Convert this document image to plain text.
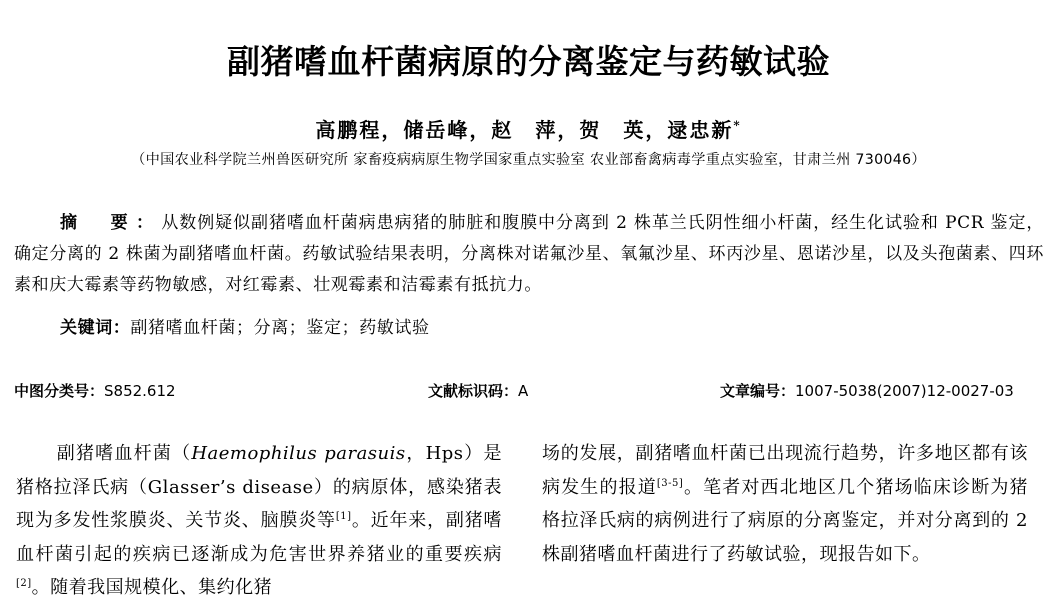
副猪嗜血杆菌病原的分离鉴定与药敏试验
高鹏程，储岳峰，赵　萍，贺　英，逯忠新*
（中国农业科学院兰州兽医研究所 家畜疫病病原生物学国家重点实验室 农业部畜禽病毒学重点实验室，甘肃兰州 730046）
摘　要：从数例疑似副猪嗜血杆菌病患病猪的肺脏和腹膜中分离到 2 株革兰氏阴性细小杆菌，经生化试验和 PCR 鉴定，确定分离的 2 株菌为副猪嗜血杆菌。药敏试验结果表明，分离株对诺氟沙星、氧氟沙星、环丙沙星、恩诺沙星，以及头孢菌素、四环素和庆大霉素等药物敏感，对红霉素、壮观霉素和洁霉素有抵抗力。
关键词：副猪嗜血杆菌；分离；鉴定；药敏试验
中图分类号：S852.612	文献标识码：A	文章编号：1007-5038(2007)12-0027-03
副猪嗜血杆菌（Haemophilus parasuis，Hps）是猪格拉泽氏病（Glasser’s disease）的病原体，感染猪表现为多发性浆膜炎、关节炎、脑膜炎等[1]。近年来，副猪嗜血杆菌引起的疾病已逐渐成为危害世界养猪业的重要疾病[2]。随着我国规模化、集约化猪
场的发展，副猪嗜血杆菌已出现流行趋势，许多地区都有该病发生的报道[3-5]。笔者对西北地区几个猪场临床诊断为猪格拉泽氏病的病例进行了病原的分离鉴定，并对分离到的 2 株副猪嗜血杆菌进行了药敏试验，现报告如下。
